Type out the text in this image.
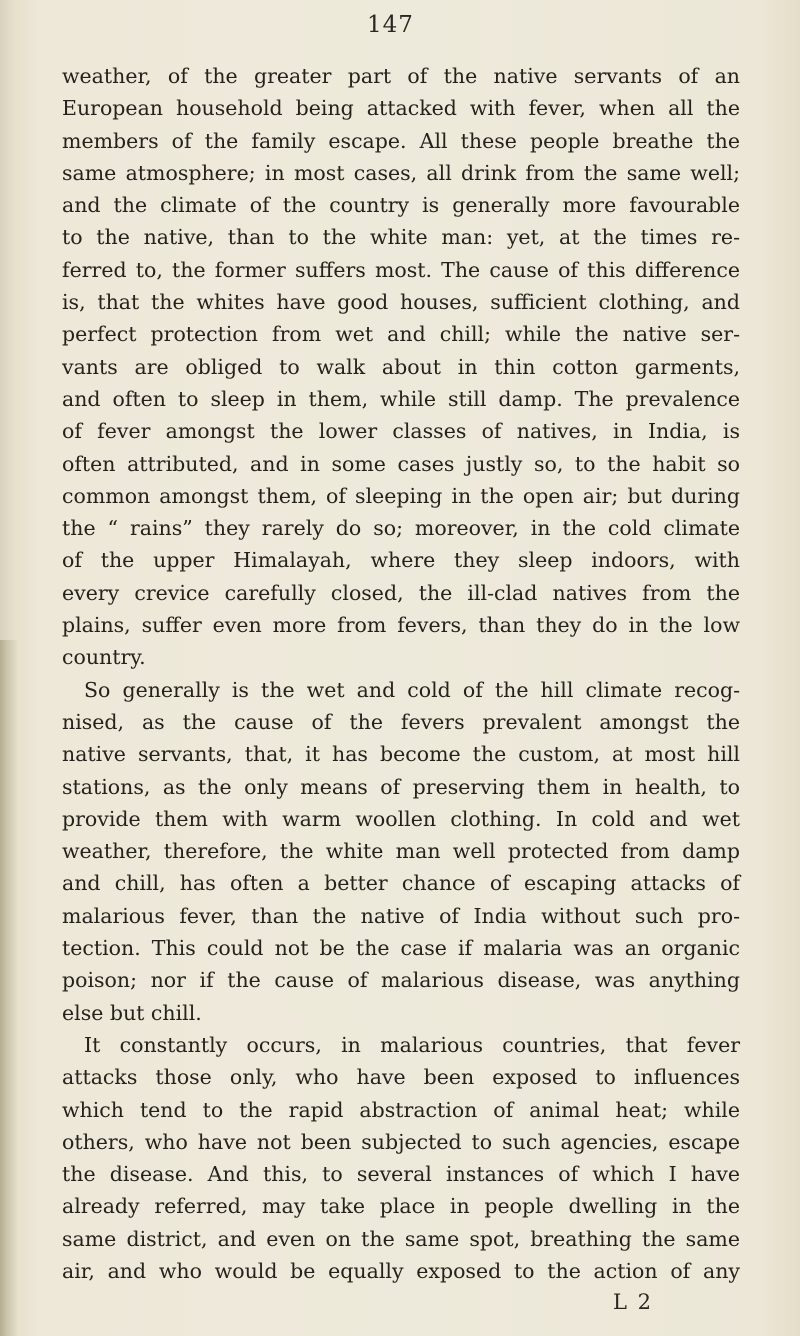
147
weather, of the greater part of the native servants of an
European household being attacked with fever, when all the
members of the family escape. All these people breathe the
same atmosphere; in most cases, all drink from the same well;
and the climate of the country is generally more favourable
to the native, than to the white man: yet, at the times re-
ferred to, the former suffers most. The cause of this difference
is, that the whites have good houses, sufficient clothing, and
perfect protection from wet and chill; while the native ser-
vants are obliged to walk about in thin cotton garments,
and often to sleep in them, while still damp. The prevalence
of fever amongst the lower classes of natives, in India, is
often attributed, and in some cases justly so, to the habit so
common amongst them, of sleeping in the open air; but during
the “ rains” they rarely do so; moreover, in the cold climate
of the upper Himalayah, where they sleep indoors, with
every crevice carefully closed, the ill-clad natives from the
plains, suffer even more from fevers, than they do in the low
country.
So generally is the wet and cold of the hill climate recog-
nised, as the cause of the fevers prevalent amongst the
native servants, that, it has become the custom, at most hill
stations, as the only means of preserving them in health, to
provide them with warm woollen clothing. In cold and wet
weather, therefore, the white man well protected from damp
and chill, has often a better chance of escaping attacks of
malarious fever, than the native of India without such pro-
tection. This could not be the case if malaria was an organic
poison; nor if the cause of malarious disease, was anything
else but chill.
It constantly occurs, in malarious countries, that fever
attacks those only, who have been exposed to influences
which tend to the rapid abstraction of animal heat; while
others, who have not been subjected to such agencies, escape
the disease. And this, to several instances of which I have
already referred, may take place in people dwelling in the
same district, and even on the same spot, breathing the same
air, and who would be equally exposed to the action of any
L 2
